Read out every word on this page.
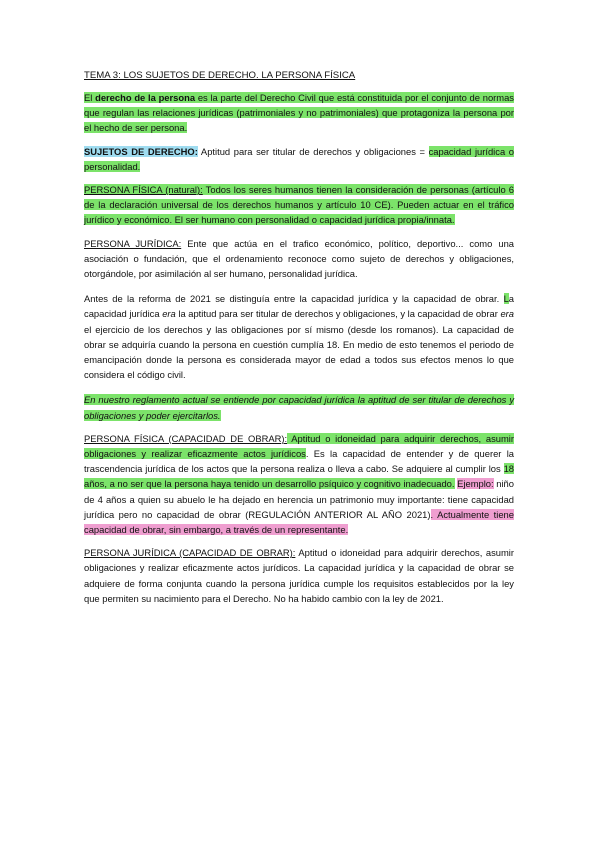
TEMA 3: LOS SUJETOS DE DERECHO. LA PERSONA FÍSICA

El derecho de la persona es la parte del Derecho Civil que está constituida por el conjunto de normas que regulan las relaciones jurídicas (patrimoniales y no patrimoniales) que protagoniza la persona por el hecho de ser persona.

SUJETOS DE DERECHO: Aptitud para ser titular de derechos y obligaciones = capacidad jurídica o personalidad.

PERSONA FÍSICA (natural): Todos los seres humanos tienen la consideración de personas (artículo 6 de la declaración universal de los derechos humanos y artículo 10 CE). Pueden actuar en el tráfico jurídico y económico. El ser humano con personalidad o capacidad jurídica propia/innata.

PERSONA JURÍDICA: Ente que actúa en el trafico económico, político, deportivo... como una asociación o fundación, que el ordenamiento reconoce como sujeto de derechos y obligaciones, otorgándole, por asimilación al ser humano, personalidad jurídica.

Antes de la reforma de 2021 se distinguía entre la capacidad jurídica y la capacidad de obrar. La capacidad jurídica era la aptitud para ser titular de derechos y obligaciones, y la capacidad de obrar era el ejercicio de los derechos y las obligaciones por sí mismo (desde los romanos). La capacidad de obrar se adquiría cuando la persona en cuestión cumplía 18. En medio de esto tenemos el periodo de emancipación donde la persona es considerada mayor de edad a todos sus efectos menos lo que considera el código civil.

En nuestro reglamento actual se entiende por capacidad jurídica la aptitud de ser titular de derechos y obligaciones y poder ejercitarlos.

PERSONA FÍSICA (CAPACIDAD DE OBRAR): Aptitud o idoneidad para adquirir derechos, asumir obligaciones y realizar eficazmente actos jurídicos. Es la capacidad de entender y de querer la trascendencia jurídica de los actos que la persona realiza o lleva a cabo. Se adquiere al cumplir los 18 años, a no ser que la persona haya tenido un desarrollo psíquico y cognitivo inadecuado. Ejemplo: niño de 4 años a quien su abuelo le ha dejado en herencia un patrimonio muy importante: tiene capacidad jurídica pero no capacidad de obrar (REGULACIÓN ANTERIOR AL AÑO 2021). Actualmente tiene capacidad de obrar, sin embargo, a través de un representante.

PERSONA JURÍDICA (CAPACIDAD DE OBRAR): Aptitud o idoneidad para adquirir derechos, asumir obligaciones y realizar eficazmente actos jurídicos. La capacidad jurídica y la capacidad de obrar se adquiere de forma conjunta cuando la persona jurídica cumple los requisitos establecidos por la ley que permiten su nacimiento para el Derecho. No ha habido cambio con la ley de 2021.
